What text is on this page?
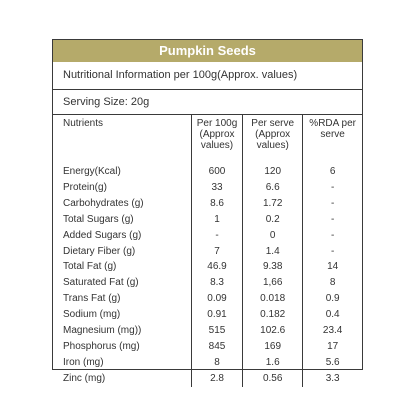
Pumpkin Seeds
Nutritional Information per 100g(Approx. values)
Serving Size: 20g
Nutrients	Per 100g (Approx values)	Per serve (Approx values)	%RDA per serve
Energy(Kcal)	600	120	6
Protein(g)	33	6.6	-
Carbohydrates (g)	8.6	1.72	-
Total Sugars (g)	1	0.2	-
Added Sugars (g)	-	0	-
Dietary Fiber (g)	7	1.4	-
Total Fat (g)	46.9	9.38	14
Saturated Fat (g)	8.3	1,66	8
Trans Fat (g)	0.09	0.018	0.9
Sodium (mg)	0.91	0.182	0.4
Magnesium (mg))	515	102.6	23.4
Phosphorus (mg)	845	169	17
Iron (mg)	8	1.6	5.6
Zinc (mg)	2.8	0.56	3.3
